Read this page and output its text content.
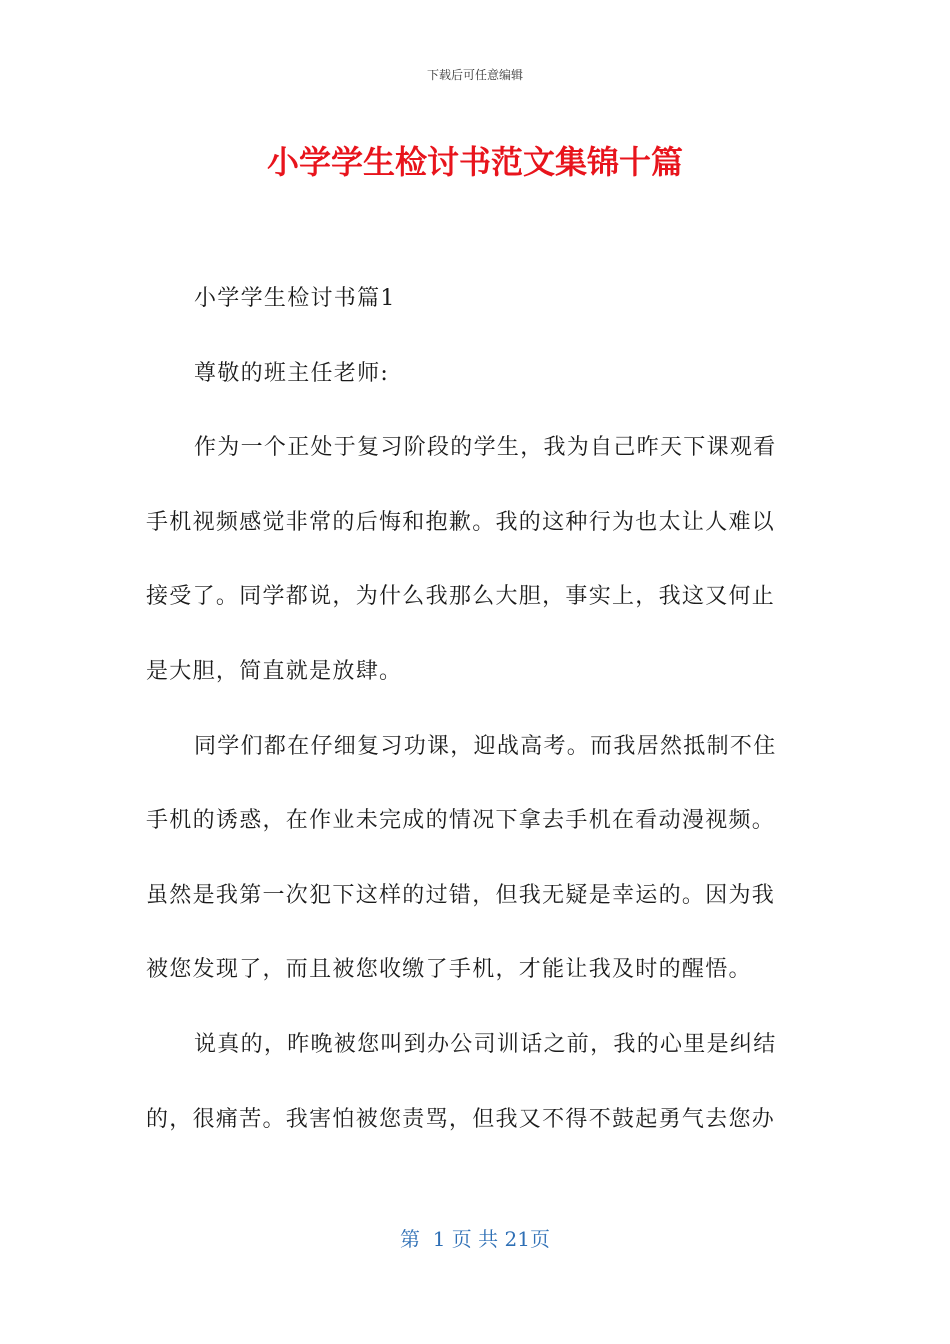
下载后可任意编辑
小学学生检讨书范文集锦十篇
小学学生检讨书篇1
尊敬的班主任老师:
作为一个正处于复习阶段的学生，我为自己昨天下课观看
手机视频感觉非常的后悔和抱歉。我的这种行为也太让人难以
接受了。同学都说，为什么我那么大胆，事实上，我这又何止
是大胆，简直就是放肆。
同学们都在仔细复习功课，迎战高考。而我居然抵制不住
手机的诱惑，在作业未完成的情况下拿去手机在看动漫视频。
虽然是我第一次犯下这样的过错，但我无疑是幸运的。因为我
被您发现了，而且被您收缴了手机，才能让我及时的醒悟。
说真的，昨晚被您叫到办公司训话之前，我的心里是纠结
的，很痛苦。我害怕被您责骂，但我又不得不鼓起勇气去您办
第  1 页 共 21页
